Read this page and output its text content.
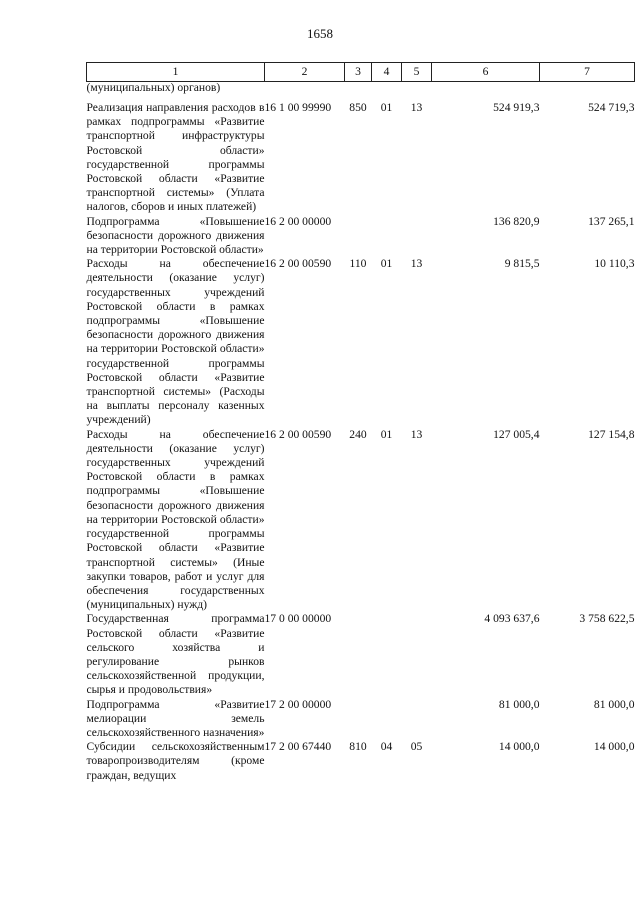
1658
1	2	3	4	5	6	7

(муниципальных) органов)						

Реализация направления расходов в рамках подпрограммы «Развитие транспортной инфраструктуры Ростовской области» государственной программы Ростовской области «Развитие транспортной системы» (Уплата налогов, сборов и иных платежей)	16 1 00 99990	850	01	13	524 919,3	524 719,3
Подпрограмма «Повышение безопасности дорожного движения на территории Ростовской области»	16 2 00 00000				136 820,9	137 265,1
Расходы на обеспечение деятельности (оказание услуг) государственных учреждений Ростовской области в рамках подпрограммы «Повышение безопасности дорожного движения на территории Ростовской области» государственной программы Ростовской области «Развитие транспортной системы» (Расходы на выплаты персоналу казенных учреждений)	16 2 00 00590	110	01	13	9 815,5	10 110,3
Расходы на обеспечение деятельности (оказание услуг) государственных учреждений Ростовской области в рамках подпрограммы «Повышение безопасности дорожного движения на территории Ростовской области» государственной программы Ростовской области «Развитие транспортной системы» (Иные закупки товаров, работ и услуг для обеспечения государственных (муниципальных) нужд)	16 2 00 00590	240	01	13	127 005,4	127 154,8
Государственная программа Ростовской области «Развитие сельского хозяйства и регулирование рынков сельскохозяйственной продукции, сырья и продовольствия»	17 0 00 00000				4 093 637,6	3 758 622,5
Подпрограмма «Развитие мелиорации земель сельскохозяйственного назначения»	17 2 00 00000				81 000,0	81 000,0
Субсидии сельскохозяйственным товаропроизводителям (кроме граждан, ведущих	17 2 00 67440	810	04	05	14 000,0	14 000,0
